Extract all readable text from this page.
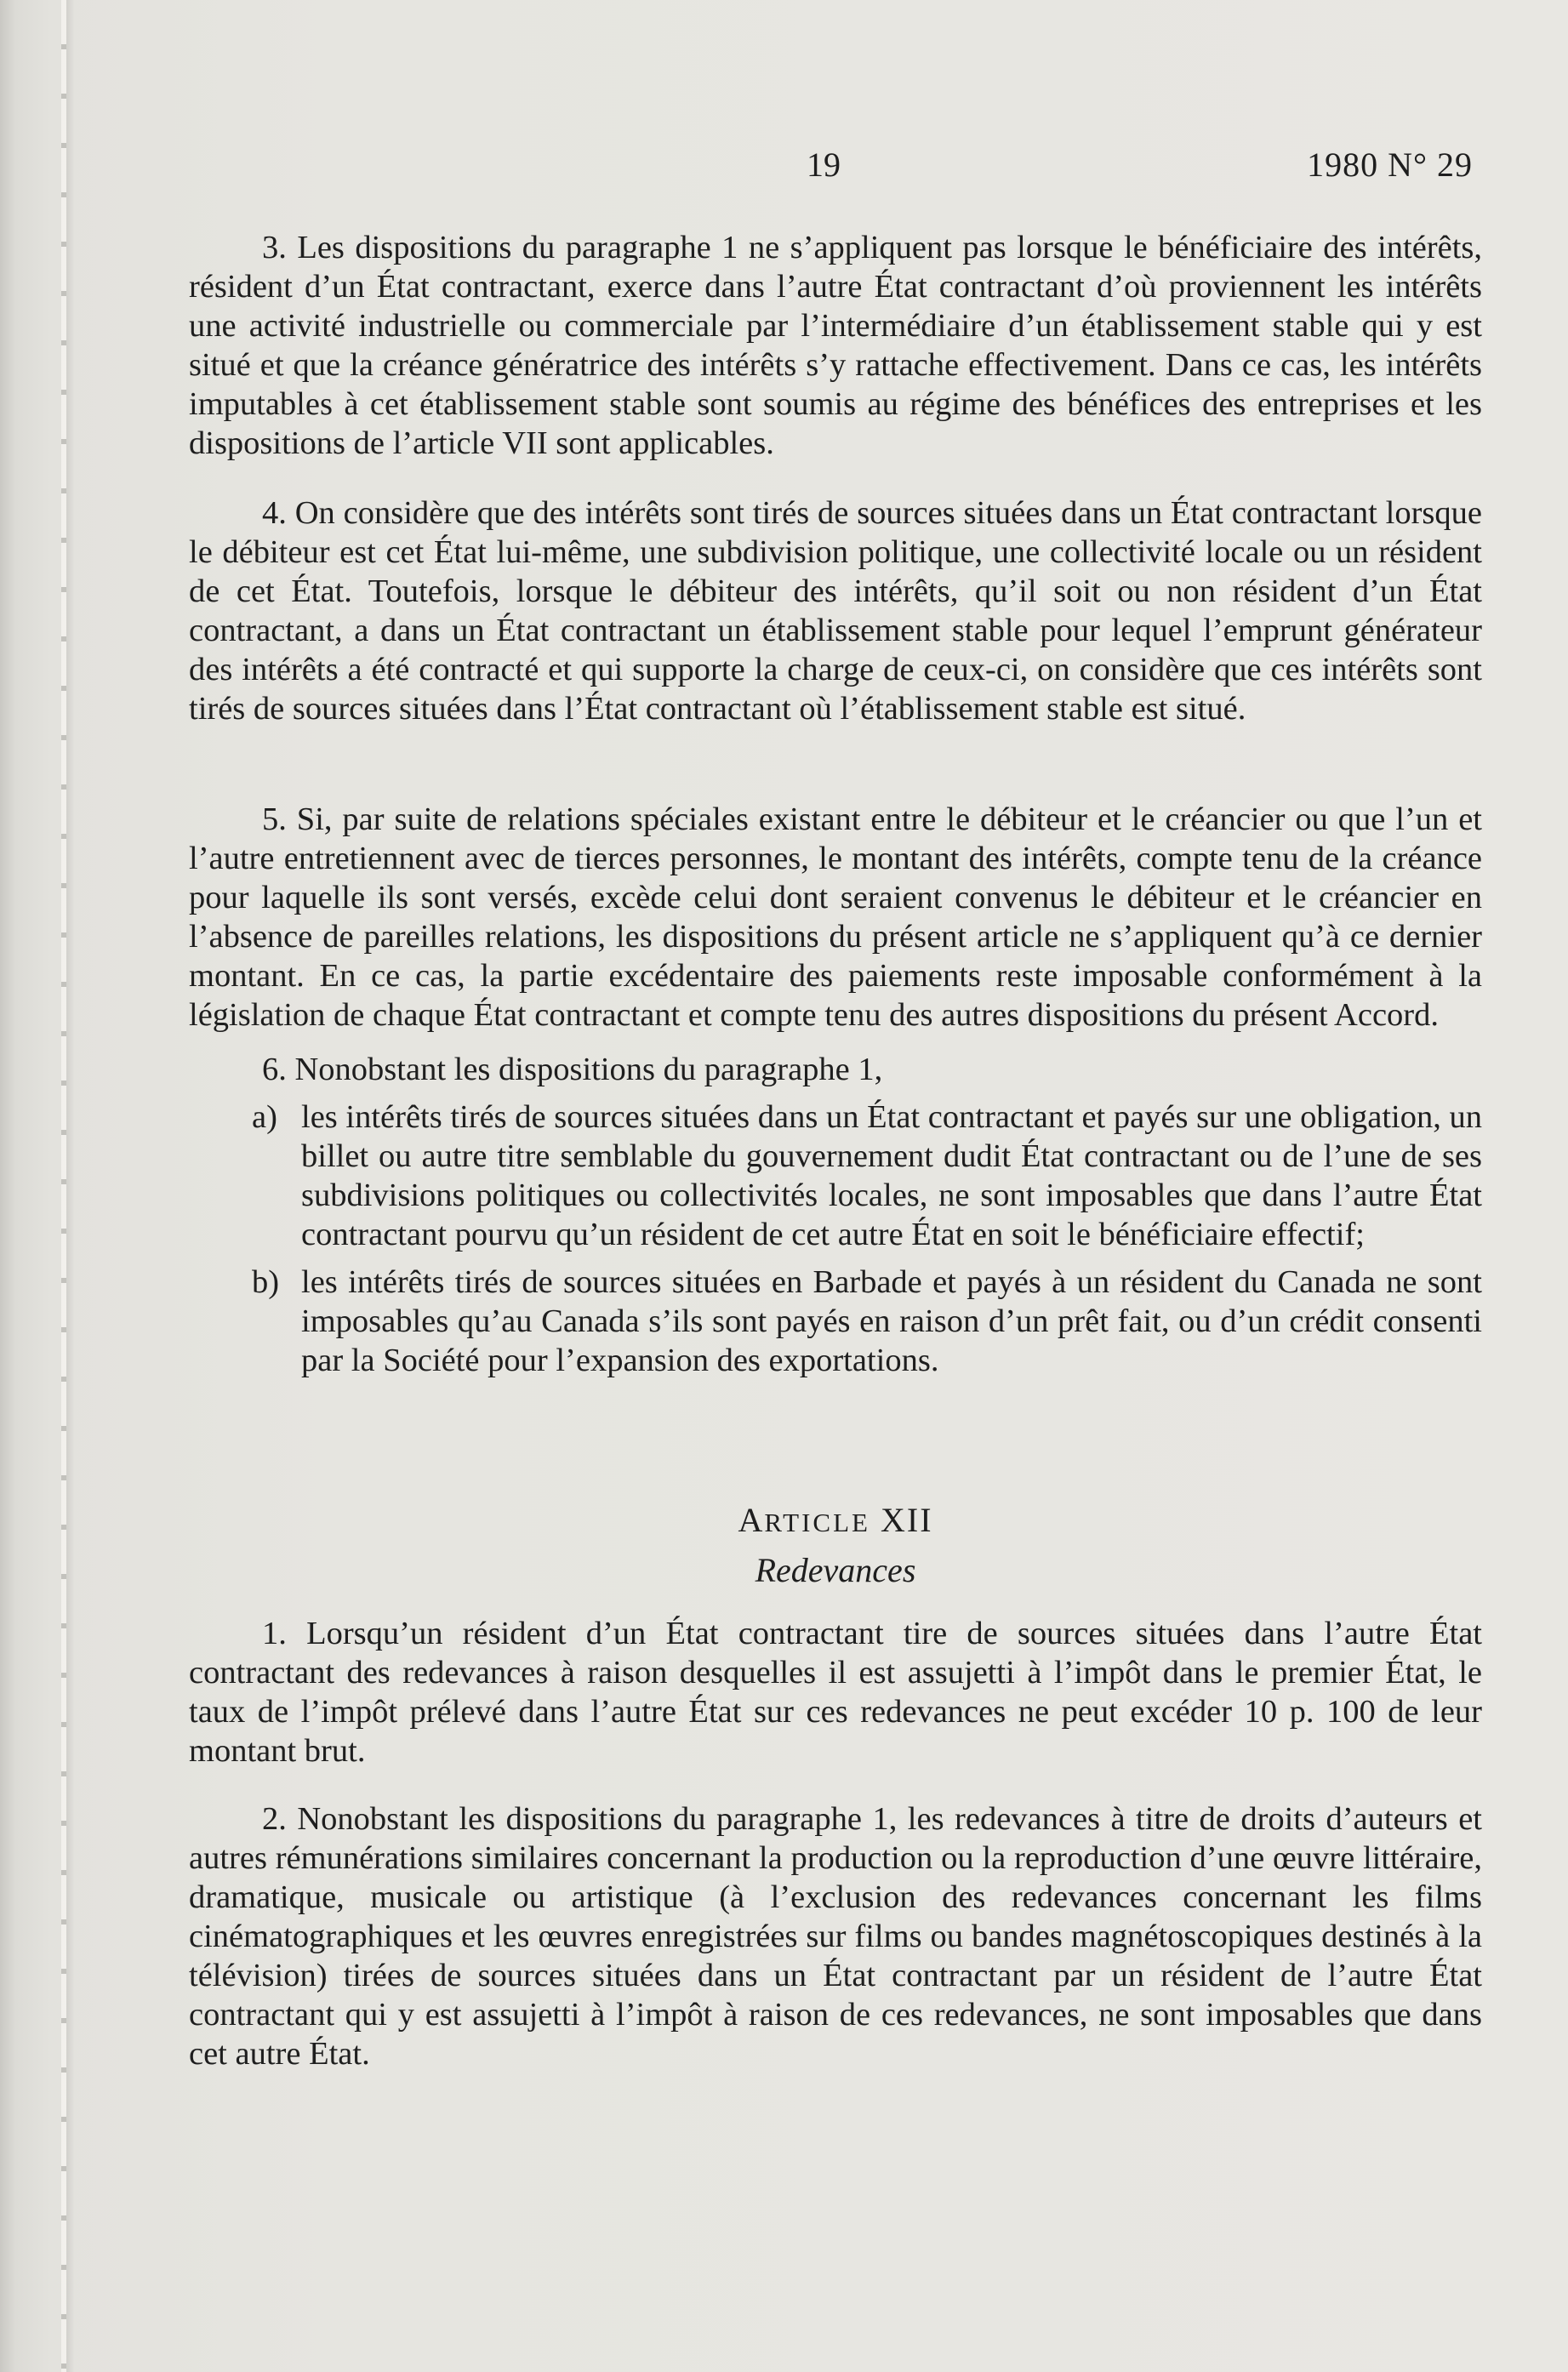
19	1980 N° 29

3. Les dispositions du paragraphe 1 ne s’appliquent pas lorsque le bénéficiaire des intérêts, résident d’un État contractant, exerce dans l’autre État contractant d’où proviennent les intérêts une activité industrielle ou commerciale par l’intermédiaire d’un établissement stable qui y est situé et que la créance génératrice des intérêts s’y rattache effectivement. Dans ce cas, les intérêts imputables à cet établissement stable sont soumis au régime des bénéfices des entreprises et les dispositions de l’article VII sont applicables.

4. On considère que des intérêts sont tirés de sources situées dans un État contractant lorsque le débiteur est cet État lui-même, une subdivision politique, une collectivité locale ou un résident de cet État. Toutefois, lorsque le débiteur des intérêts, qu’il soit ou non résident d’un État contractant, a dans un État contractant un établissement stable pour lequel l’emprunt générateur des intérêts a été contracté et qui supporte la charge de ceux-ci, on considère que ces intérêts sont tirés de sources situées dans l’État contractant où l’établissement stable est situé.

5. Si, par suite de relations spéciales existant entre le débiteur et le créancier ou que l’un et l’autre entretiennent avec de tierces personnes, le montant des intérêts, compte tenu de la créance pour laquelle ils sont versés, excède celui dont seraient convenus le débiteur et le créancier en l’absence de pareilles relations, les dispositions du présent article ne s’appliquent qu’à ce dernier montant. En ce cas, la partie excédentaire des paiements reste imposable conformément à la législation de chaque État contractant et compte tenu des autres dispositions du présent Accord.

6. Nonobstant les dispositions du paragraphe 1,

a) les intérêts tirés de sources situées dans un État contractant et payés sur une obligation, un billet ou autre titre semblable du gouvernement dudit État contractant ou de l’une de ses subdivisions politiques ou collectivités locales, ne sont imposables que dans l’autre État contractant pourvu qu’un résident de cet autre État en soit le bénéficiaire effectif;
b) les intérêts tirés de sources situées en Barbade et payés à un résident du Canada ne sont imposables qu’au Canada s’ils sont payés en raison d’un prêt fait, ou d’un crédit consenti par la Société pour l’expansion des exportations.
ARTICLE XII
Redevances

1. Lorsqu’un résident d’un État contractant tire de sources situées dans l’autre État contractant des redevances à raison desquelles il est assujetti à l’impôt dans le premier État, le taux de l’impôt prélevé dans l’autre État sur ces redevances ne peut excéder 10 p. 100 de leur montant brut.

2. Nonobstant les dispositions du paragraphe 1, les redevances à titre de droits d’auteurs et autres rémunérations similaires concernant la production ou la reproduction d’une œuvre littéraire, dramatique, musicale ou artistique (à l’exclusion des redevances concernant les films cinématographiques et les œuvres enregistrées sur films ou bandes magnétoscopiques destinés à la télévision) tirées de sources situées dans un État contractant par un résident de l’autre État contractant qui y est assujetti à l’impôt à raison de ces redevances, ne sont imposables que dans cet autre État.
